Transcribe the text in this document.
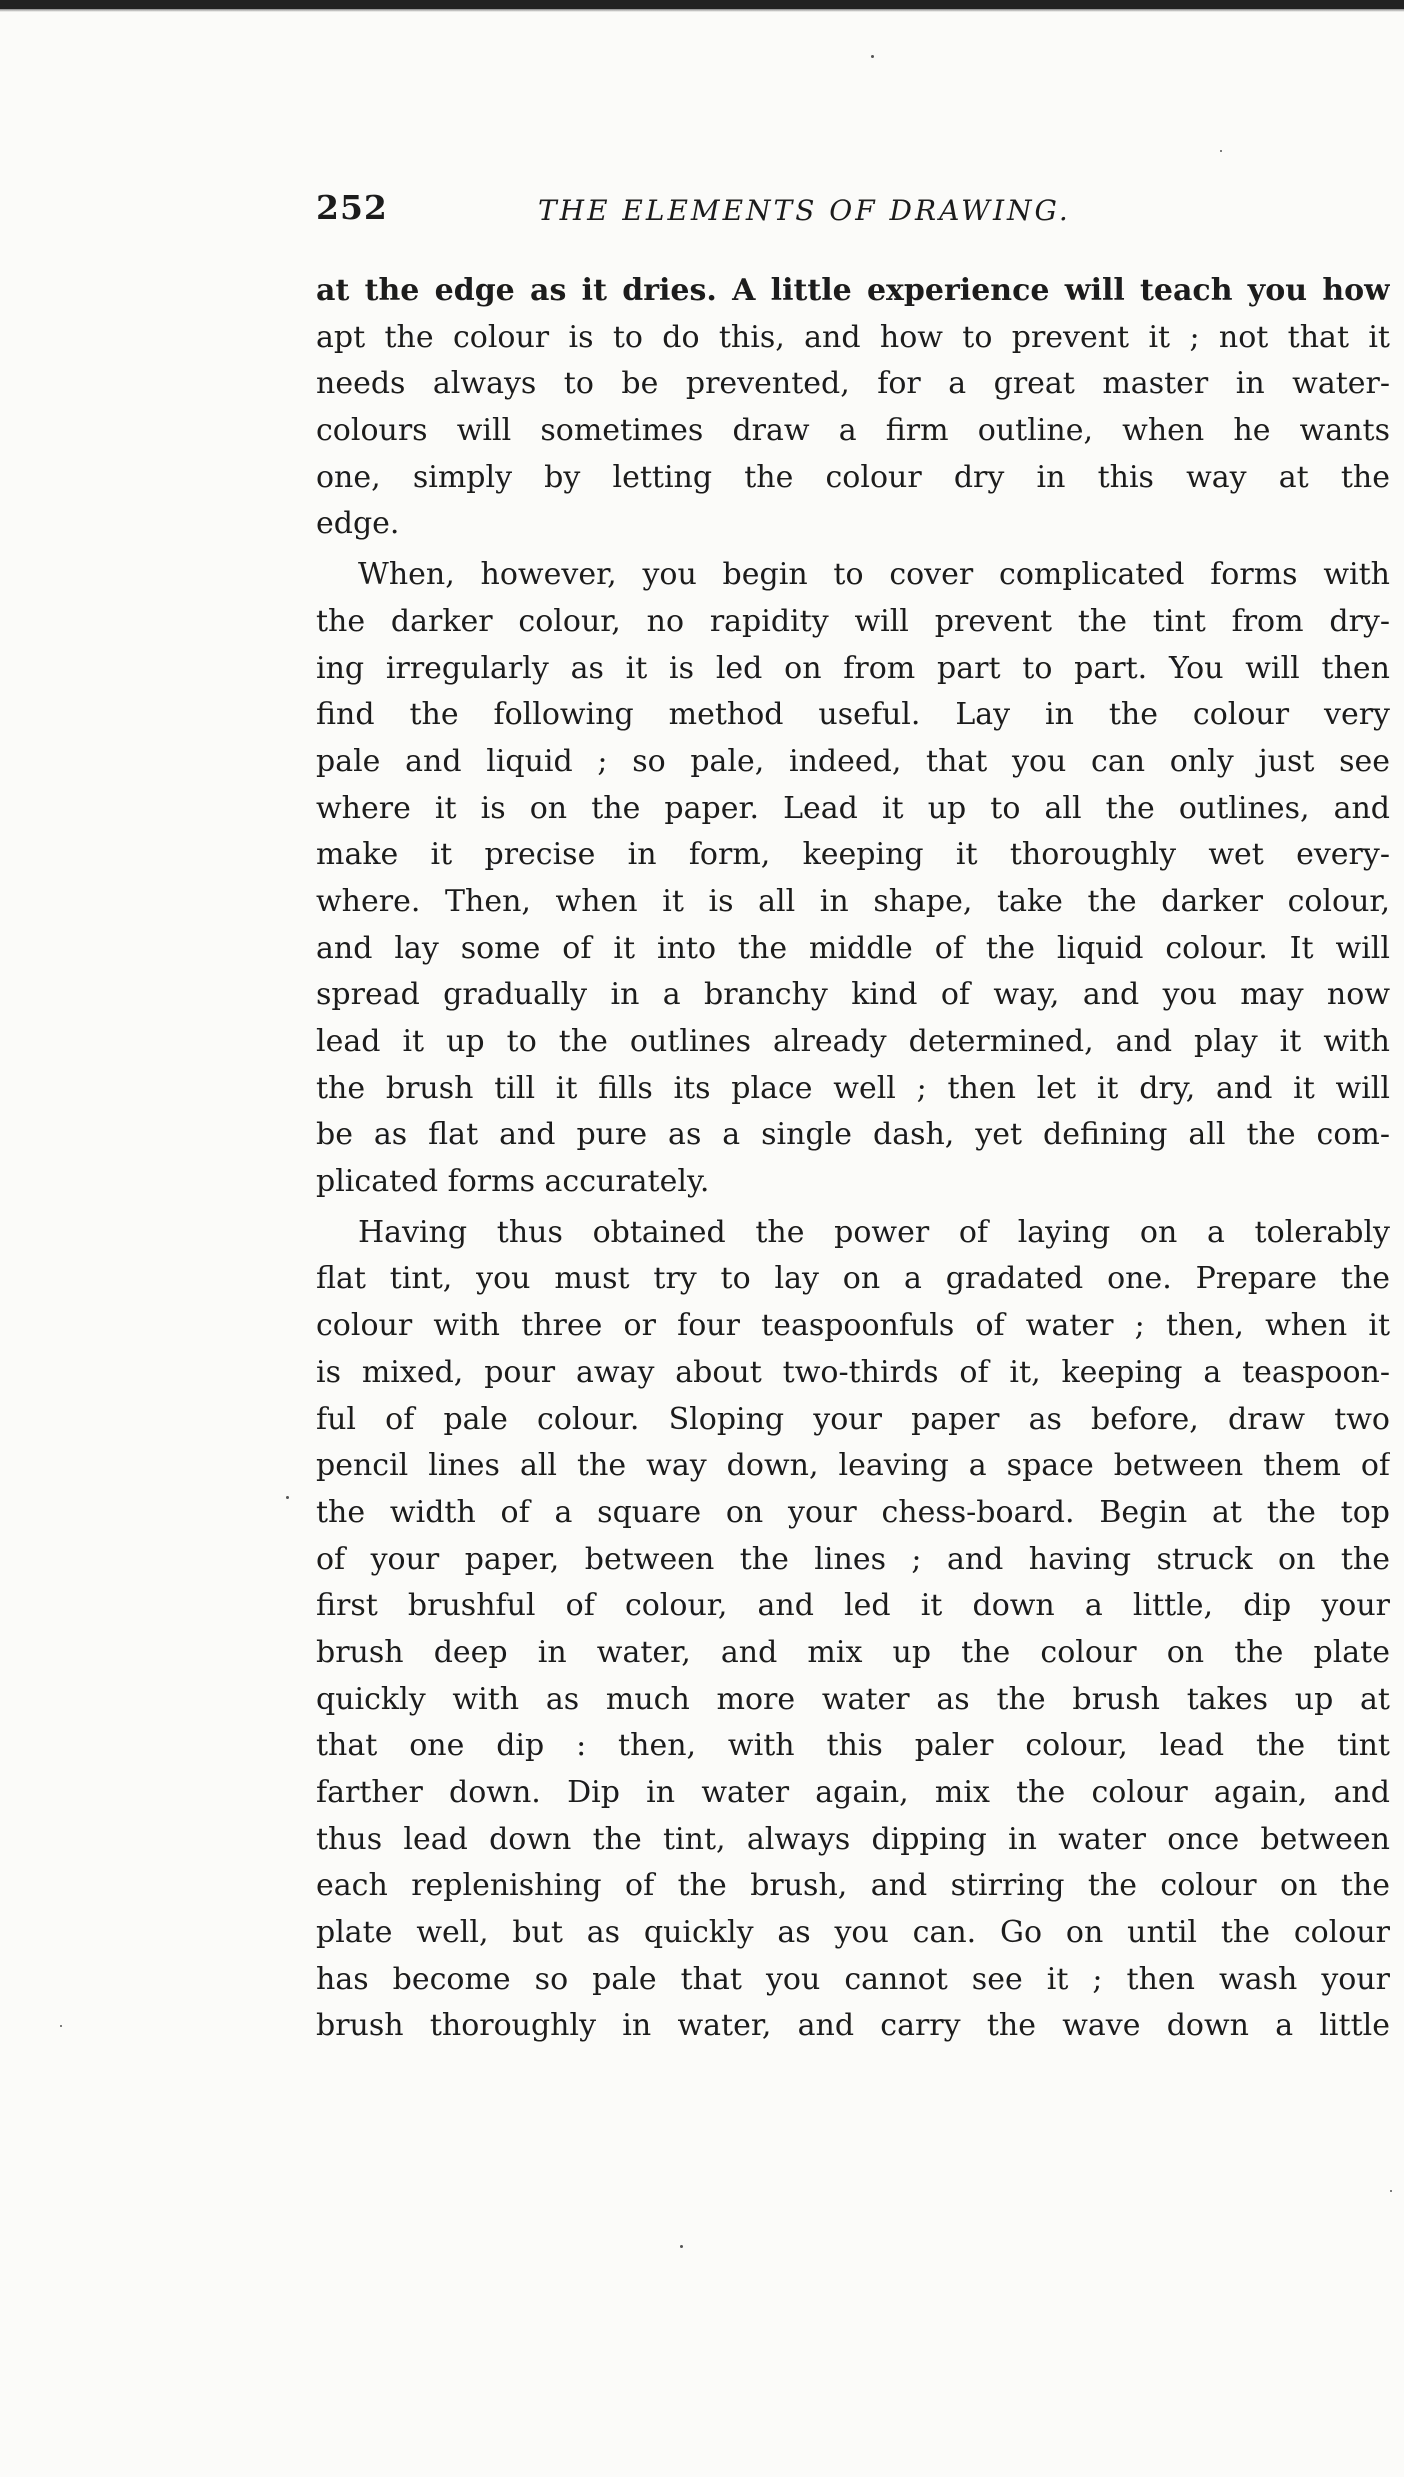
252	THE ELEMENTS OF DRAWING.
at the edge as it dries. A little experience will teach you how
apt the colour is to do this, and how to prevent it ; not that it
needs always to be prevented, for a great master in water-
colours will sometimes draw a firm outline, when he wants
one, simply by letting the colour dry in this way at the
edge.
When, however, you begin to cover complicated forms with
the darker colour, no rapidity will prevent the tint from dry-
ing irregularly as it is led on from part to part. You will then
find the following method useful. Lay in the colour very
pale and liquid ; so pale, indeed, that you can only just see
where it is on the paper. Lead it up to all the outlines, and
make it precise in form, keeping it thoroughly wet every-
where. Then, when it is all in shape, take the darker colour,
and lay some of it into the middle of the liquid colour. It will
spread gradually in a branchy kind of way, and you may now
lead it up to the outlines already determined, and play it with
the brush till it fills its place well ; then let it dry, and it will
be as flat and pure as a single dash, yet defining all the com-
plicated forms accurately.
Having thus obtained the power of laying on a tolerably
flat tint, you must try to lay on a gradated one. Prepare the
colour with three or four teaspoonfuls of water ; then, when it
is mixed, pour away about two-thirds of it, keeping a teaspoon-
ful of pale colour. Sloping your paper as before, draw two
pencil lines all the way down, leaving a space between them of
the width of a square on your chess-board. Begin at the top
of your paper, between the lines ; and having struck on the
first brushful of colour, and led it down a little, dip your
brush deep in water, and mix up the colour on the plate
quickly with as much more water as the brush takes up at
that one dip : then, with this paler colour, lead the tint
farther down. Dip in water again, mix the colour again, and
thus lead down the tint, always dipping in water once between
each replenishing of the brush, and stirring the colour on the
plate well, but as quickly as you can. Go on until the colour
has become so pale that you cannot see it ; then wash your
brush thoroughly in water, and carry the wave down a little
